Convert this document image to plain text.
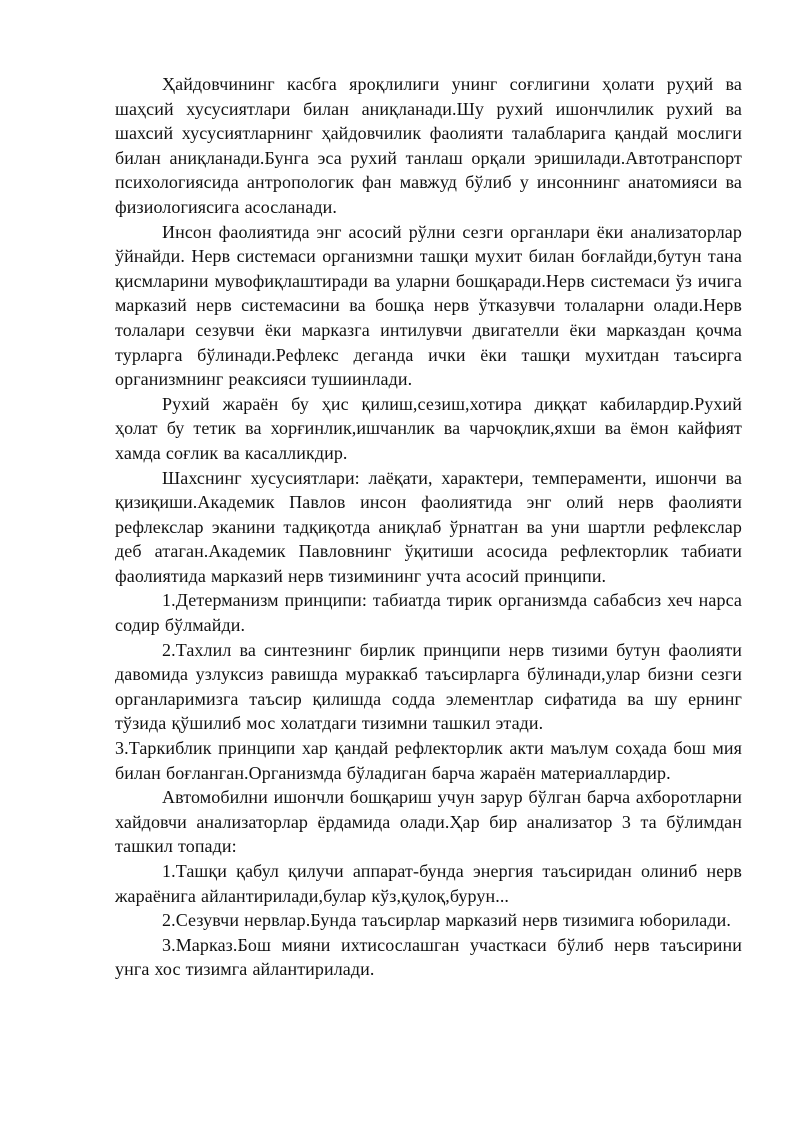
Ҳайдовчининг касбга яроқлилиги унинг соғлигини ҳолати руҳий ва шаҳсий хусусиятлари билан аниқланади.Шу рухий ишончлилик рухий ва шахсий хусусиятларнинг ҳайдовчилик фаолияти талабларига қандай мослиги билан аниқланади.Бунга эса рухий танлаш орқали эришилади.Автотранспорт психологиясида антропологик фан мавжуд бўлиб у инсоннинг анатомияси ва физиологиясига асосланади.

Инсон фаолиятида энг асосий рўлни сезги органлари ёки анализаторлар ўйнайди. Нерв системаси организмни ташқи мухит билан боғлайди,бутун тана қисмларини мувофиқлаштиради ва уларни бошқаради.Нерв системаси ўз ичига марказий нерв системасини ва бошқа нерв ўтказувчи толаларни олади.Нерв толалари сезувчи ёки марказга интилувчи двигателли ёки марказдан қочма турларга бўлинади.Рефлекс деганда ички ёки ташқи мухитдан таъсирга организмнинг реаксияси тушиинлади.

Рухий жараён бу ҳис қилиш,сезиш,хотира диққат кабилардир.Рухий ҳолат бу тетик ва хорғинлик,ишчанлик ва чарчоқлик,яхши ва ёмон кайфият хамда соғлик ва касалликдир.

Шахснинг хусусиятлари: лаёқати, характери, темпераменти, ишончи ва қизиқиши.Академик Павлов инсон фаолиятида энг олий нерв фаолияти рефлекслар эканини тадқиқотда аниқлаб ўрнатган ва уни шартли рефлекслар деб атаган.Академик Павловнинг ўқитиши асосида рефлекторлик табиати фаолиятида марказий нерв тизимининг учта асосий принципи.

1.Детерманизм принципи: табиатда тирик организмда сабабсиз хеч нарса содир бўлмайди.

2.Тахлил ва синтезнинг бирлик принципи нерв тизими бутун фаолияти давомида узлуксиз равишда мураккаб таъсирларга бўлинади,улар бизни сезги органларимизга таъсир қилишда содда элементлар сифатида ва шу ернинг тўзида қўшилиб мос холатдаги тизимни ташкил этади.

3.Таркиблик принципи хар қандай рефлекторлик акти маълум соҳада бош мия билан боғланган.Организмда бўладиган барча жараён материаллардир.

Автомобилни ишончли бошқариш учун зарур бўлган барча ахборотларни хайдовчи анализаторлар ёрдамида олади.Ҳар бир анализатор 3 та бўлимдан ташкил топади:

1.Ташқи қабул қилучи аппарат-бунда энергия таъсиридан олиниб нерв жараёнига айлантирилади,булар кўз,қулоқ,бурун...

2.Сезувчи нервлар.Бунда таъсирлар марказий нерв тизимига юборилади.

3.Марказ.Бош мияни ихтисослашган участкаси бўлиб нерв таъсирини унга хос тизимга айлантирилади.
